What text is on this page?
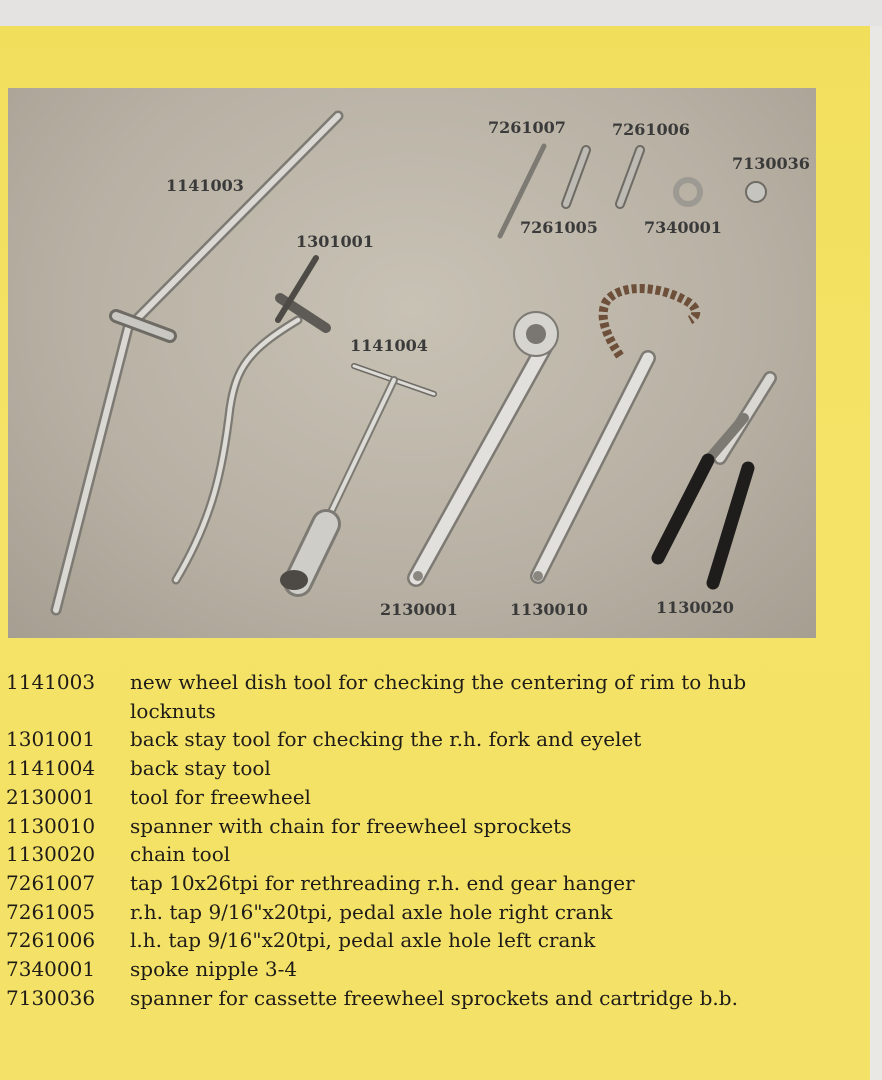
1141003
1301001
1141004
7261007	7261006
7130036
7261005	7340001
2130001	1130010	1130020
1141003 new wheel dish tool for checking the centering of rim to hub locknuts
1301001 back stay tool for checking the r.h. fork and eyelet
1141004 back stay tool
2130001 tool for freewheel
1130010 spanner with chain for freewheel sprockets
1130020 chain tool
7261007 tap 10x26tpi for rethreading r.h. end gear hanger
7261005 r.h. tap 9/16"x20tpi, pedal axle hole right crank
7261006 l.h. tap 9/16"x20tpi, pedal axle hole left crank
7340001 spoke nipple 3-4
7130036 spanner for cassette freewheel sprockets and cartridge b.b.
